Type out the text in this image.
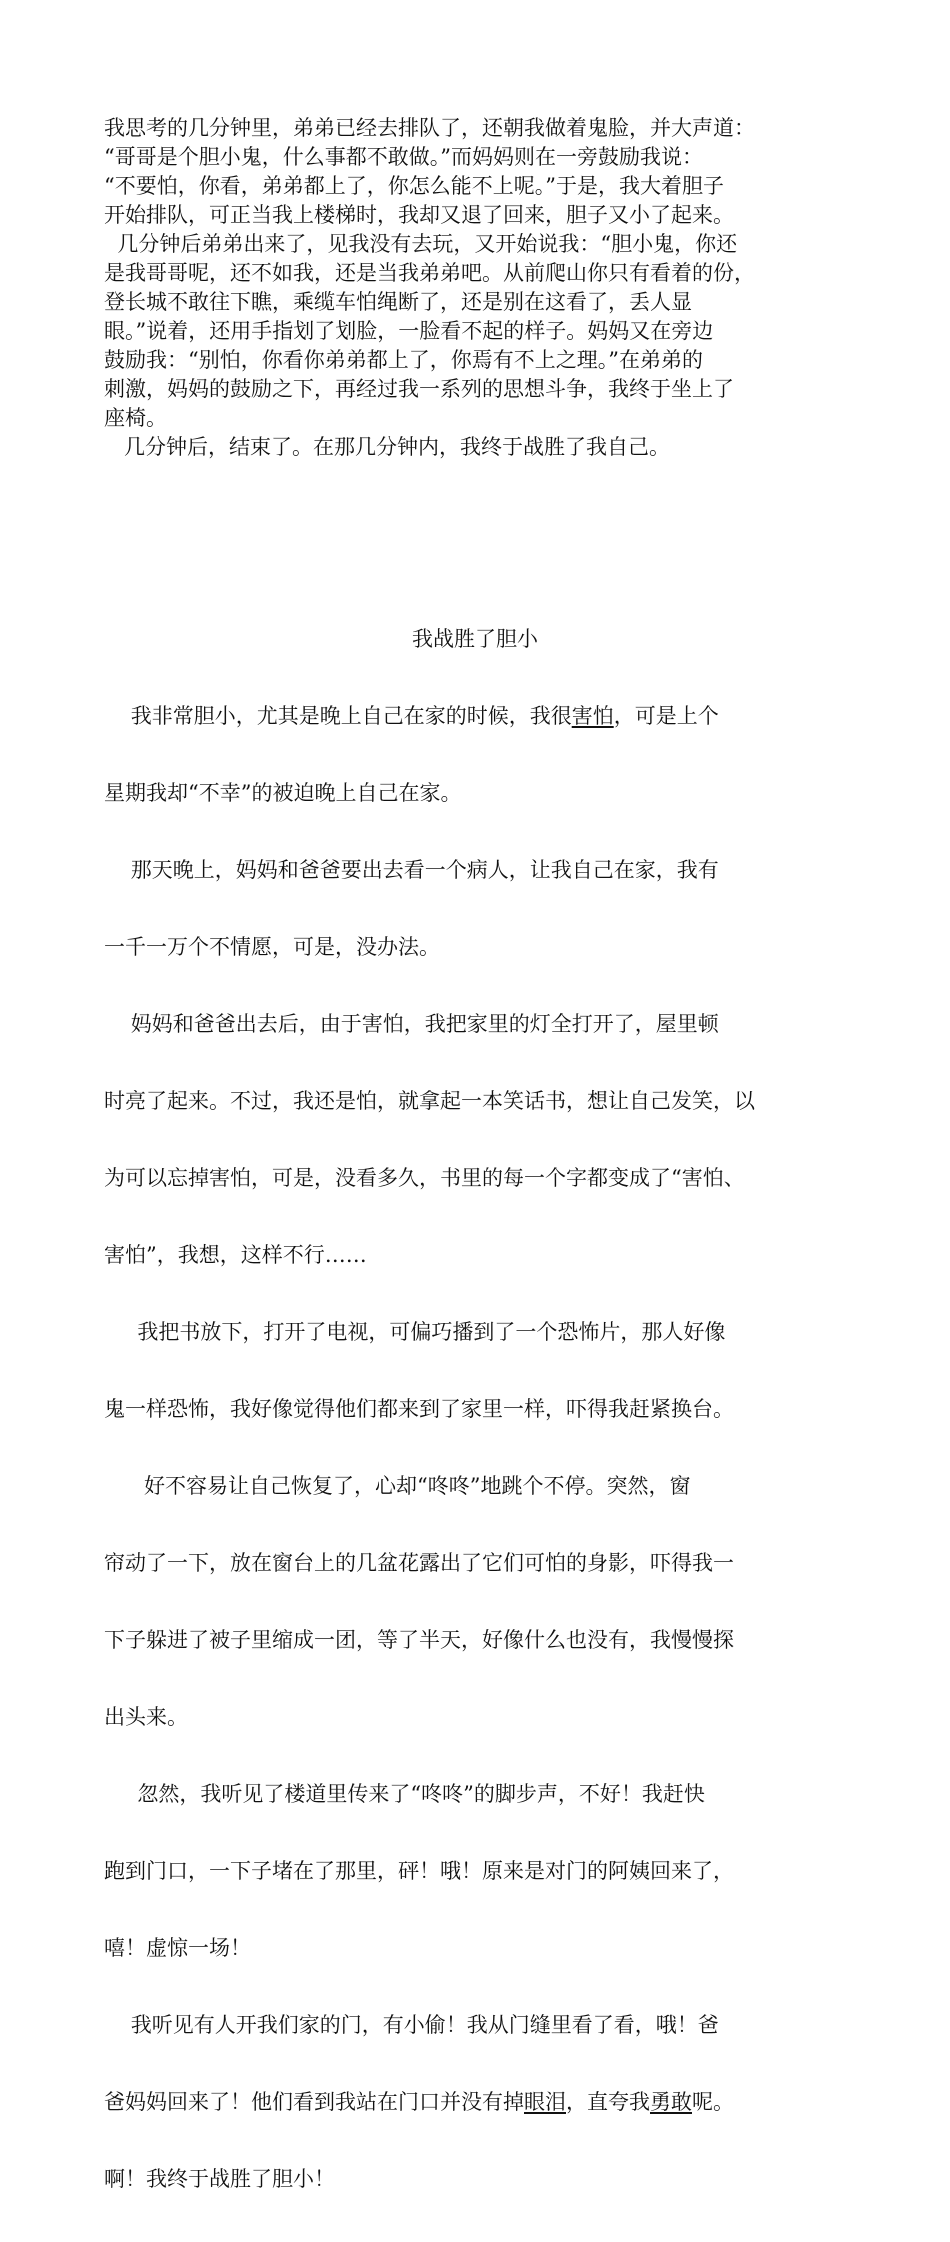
我思考的几分钟里，弟弟已经去排队了，还朝我做着鬼脸，并大声道：
“哥哥是个胆小鬼，什么事都不敢做。”而妈妈则在一旁鼓励我说：
“不要怕，你看，弟弟都上了，你怎么能不上呢。”于是，我大着胆子
开始排队，可正当我上楼梯时，我却又退了回来，胆子又小了起来。
几分钟后弟弟出来了，见我没有去玩，又开始说我：“胆小鬼，你还
是我哥哥呢，还不如我，还是当我弟弟吧。从前爬山你只有看着的份，
登长城不敢往下瞧，乘缆车怕绳断了，还是别在这看了，丢人显
眼。”说着，还用手指划了划脸，一脸看不起的样子。妈妈又在旁边
鼓励我：“别怕，你看你弟弟都上了，你焉有不上之理。”在弟弟的
刺激，妈妈的鼓励之下，再经过我一系列的思想斗争，我终于坐上了
座椅。
几分钟后，结束了。在那几分钟内，我终于战胜了我自己。
我战胜了胆小

我非常胆小，尤其是晚上自己在家的时候，我很害怕，可是上个

星期我却“不幸”的被迫晚上自己在家。

那天晚上，妈妈和爸爸要出去看一个病人，让我自己在家，我有

一千一万个不情愿，可是，没办法。

妈妈和爸爸出去后，由于害怕，我把家里的灯全打开了，屋里顿

时亮了起来。不过，我还是怕，就拿起一本笑话书，想让自己发笑，以

为可以忘掉害怕，可是，没看多久，书里的每一个字都变成了“害怕、

害怕”，我想，这样不行……

我把书放下，打开了电视，可偏巧播到了一个恐怖片，那人好像

鬼一样恐怖，我好像觉得他们都来到了家里一样，吓得我赶紧换台。

好不容易让自己恢复了，心却“咚咚”地跳个不停。突然，窗

帘动了一下，放在窗台上的几盆花露出了它们可怕的身影，吓得我一

下子躲进了被子里缩成一团，等了半天，好像什么也没有，我慢慢探

出头来。

忽然，我听见了楼道里传来了“咚咚”的脚步声，不好！我赶快

跑到门口，一下子堵在了那里，砰！哦！原来是对门的阿姨回来了，

嘻！虚惊一场！

我听见有人开我们家的门，有小偷！我从门缝里看了看，哦！爸

爸妈妈回来了！他们看到我站在门口并没有掉眼泪，直夸我勇敢呢。

啊！我终于战胜了胆小！
